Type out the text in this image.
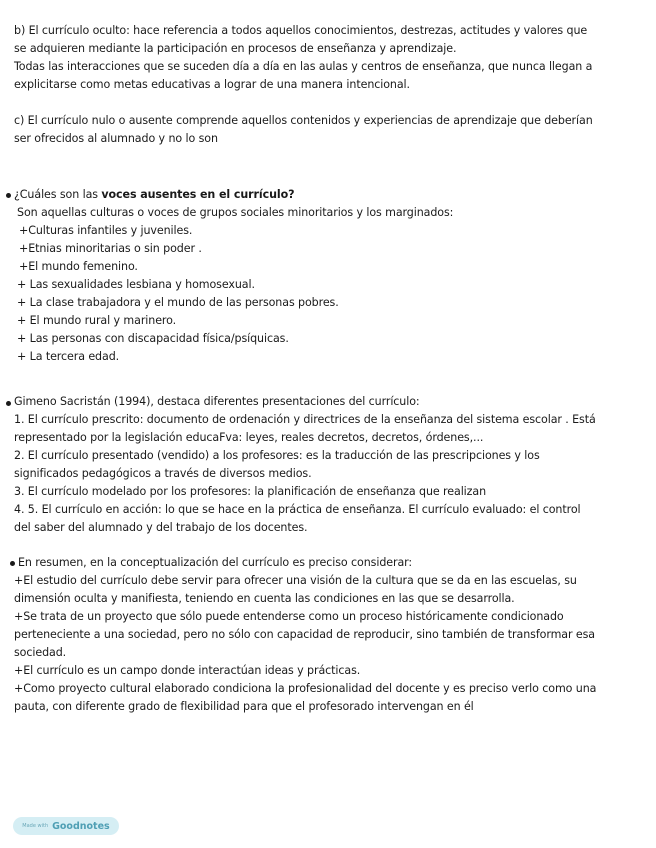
b) El currículo oculto: hace referencia a todos aquellos conocimientos, destrezas, actitudes y valores que
se adquieren mediante la participación en procesos de enseñanza y aprendizaje.
Todas las interacciones que se suceden día a día en las aulas y centros de enseñanza, que nunca llegan a
explicitarse como metas educativas a lograr de una manera intencional.
c) El currículo nulo o ausente comprende aquellos contenidos y experiencias de aprendizaje que deberían
ser ofrecidos al alumnado y no lo son
¿Cuáles son las voces ausentes en el currículo?
Son aquellas culturas o voces de grupos sociales minoritarios y los marginados:
+Culturas infantiles y juveniles.
+Etnias minoritarias o sin poder .
+El mundo femenino.
+ Las sexualidades lesbiana y homosexual.
+ La clase trabajadora y el mundo de las personas pobres.
+ El mundo rural y marinero.
+ Las personas con discapacidad física/psíquicas.
+ La tercera edad.
Gimeno Sacristán (1994), destaca diferentes presentaciones del currículo:
1. El currículo prescrito: documento de ordenación y directrices de la enseñanza del sistema escolar . Está
representado por la legislación educaFva: leyes, reales decretos, decretos, órdenes,...
2. El currículo presentado (vendido) a los profesores: es la traducción de las prescripciones y los
significados pedagógicos a través de diversos medios.
3. El currículo modelado por los profesores: la planificación de enseñanza que realizan
4. 5. El currículo en acción: lo que se hace en la práctica de enseñanza. El currículo evaluado: el control
del saber del alumnado y del trabajo de los docentes.
En resumen, en la conceptualización del currículo es preciso considerar:
+El estudio del currículo debe servir para ofrecer una visión de la cultura que se da en las escuelas, su
dimensión oculta y manifiesta, teniendo en cuenta las condiciones en las que se desarrolla.
+Se trata de un proyecto que sólo puede entenderse como un proceso históricamente condicionado
perteneciente a una sociedad, pero no sólo con capacidad de reproducir, sino también de transformar esa
sociedad.
+El currículo es un campo donde interactúan ideas y prácticas.
+Como proyecto cultural elaborado condiciona la profesionalidad del docente y es preciso verlo como una
pauta, con diferente grado de flexibilidad para que el profesorado intervengan en él
Made with Goodnotes
